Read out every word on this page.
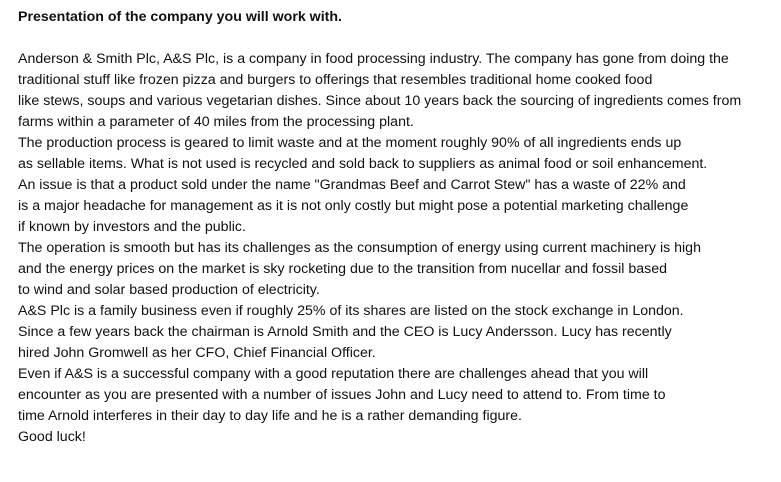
Presentation of the company you will work with.
Anderson & Smith Plc, A&S Plc, is a company in food processing industry. The company has gone from doing the
traditional stuff like frozen pizza and burgers to offerings that resembles traditional home cooked food
like stews, soups and various vegetarian dishes. Since about 10 years back the sourcing of ingredients comes from
farms within a parameter of 40 miles from the processing plant.
The production process is geared to limit waste and at the moment roughly 90% of all ingredients ends up
as sellable items. What is not used is recycled and sold back to suppliers as animal food or soil enhancement.
An issue is that a product sold under the name "Grandmas Beef and Carrot Stew" has a waste of 22% and
is a major headache for management as it is not only costly but might pose a potential marketing challenge
if known by investors and the public.
The operation is smooth but has its challenges as the consumption of energy using current machinery is high
and the energy prices on the market is sky rocketing due to the transition from nucellar and fossil based
to wind and solar based production of electricity.
A&S Plc is a family business even if roughly 25% of its shares are listed on the stock exchange in London.
Since a few years back the chairman is Arnold Smith and the CEO is Lucy Andersson. Lucy has recently
hired John Gromwell as her CFO, Chief Financial Officer.
Even if A&S is a successful company with a good reputation there are challenges ahead that you will
encounter as you are presented with a number of issues John and Lucy need to attend to. From time to
time Arnold interferes in their day to day life and he is a rather demanding figure.
Good luck!
